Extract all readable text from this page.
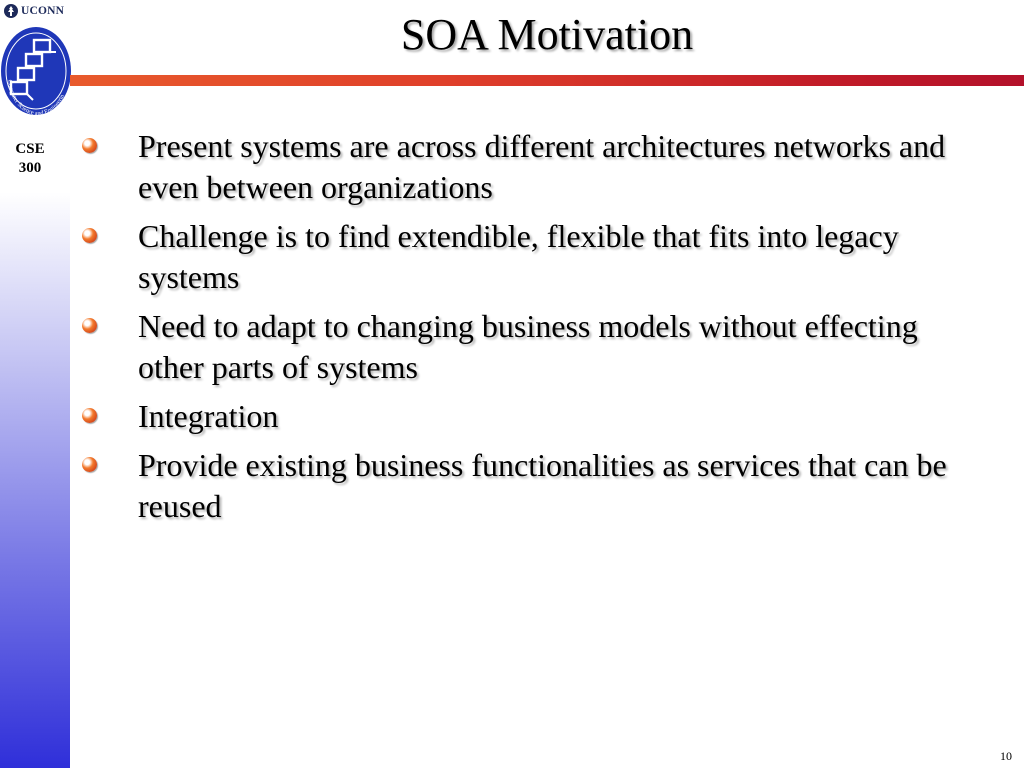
UCONN
Computer Science and Engineerin
CSE
300
SOA Motivation
Present systems are across different architectures networks and even between organizations
Challenge is to find extendible, flexible that fits into legacy systems
Need to adapt to changing business models without effecting other parts of systems
Integration
Provide existing business functionalities as services that can be reused
10
